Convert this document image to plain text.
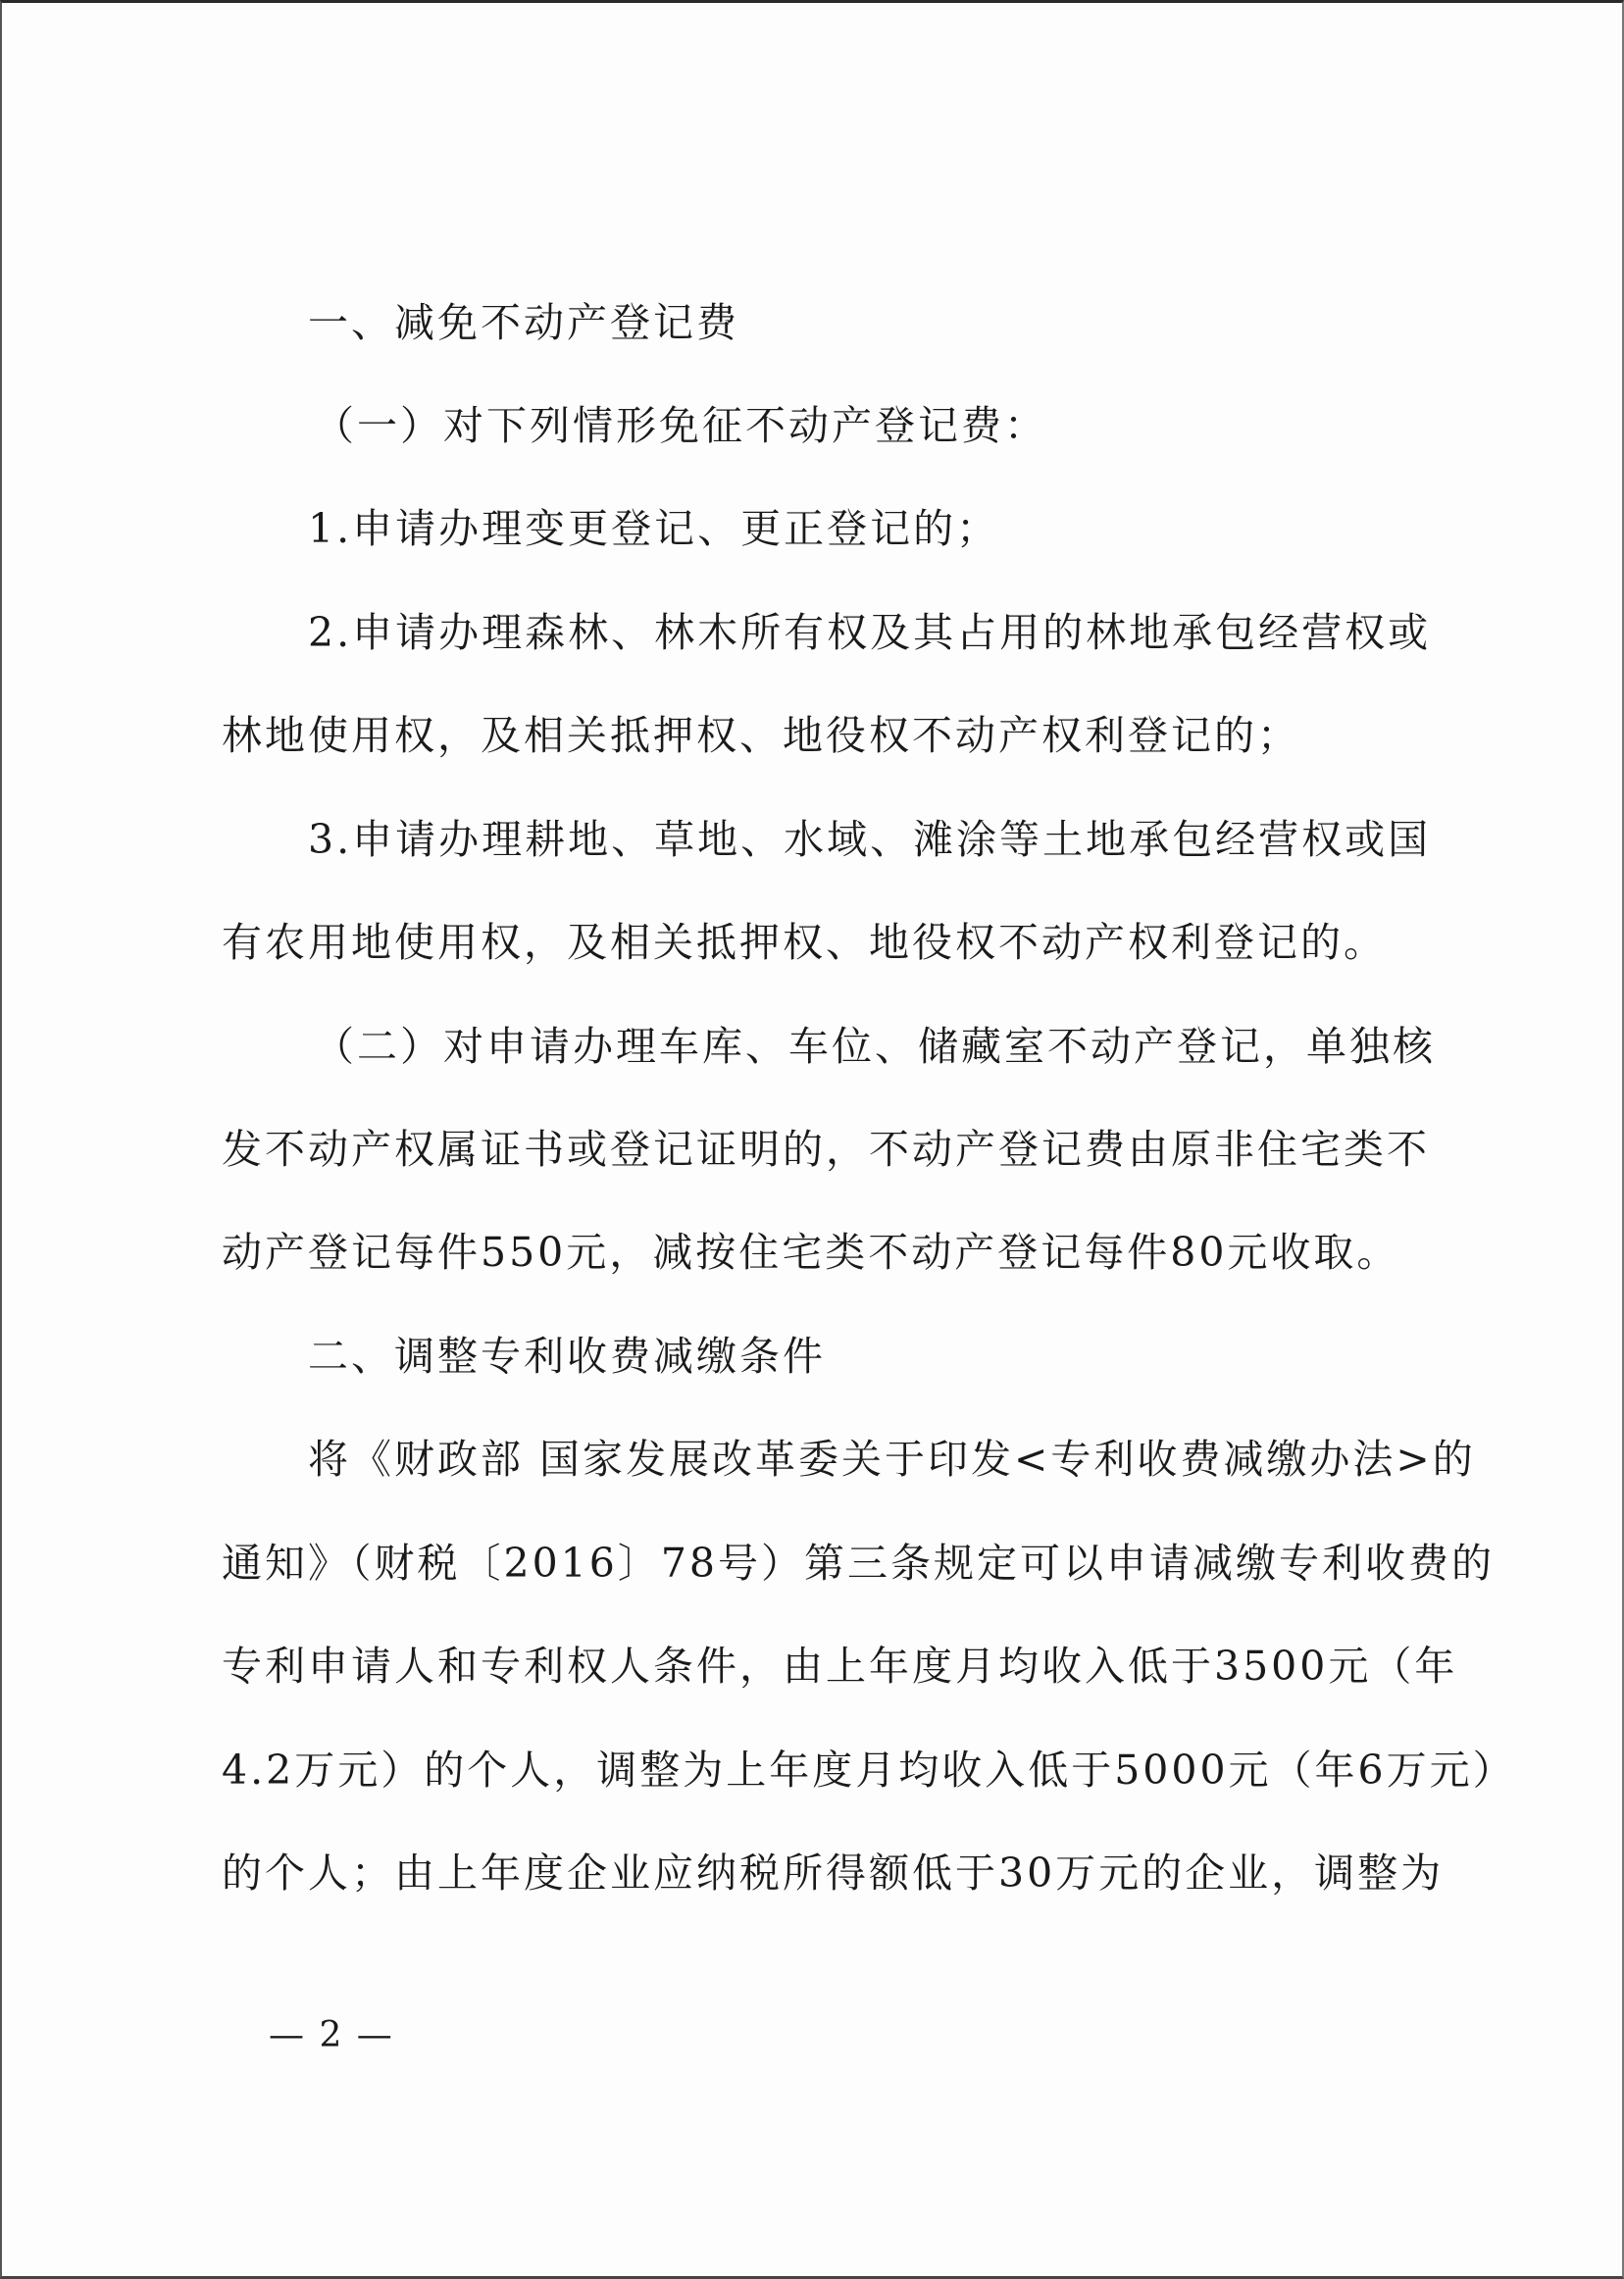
一、减免不动产登记费
（一）对下列情形免征不动产登记费：
1.申请办理变更登记、更正登记的；
2.申请办理森林、林木所有权及其占用的林地承包经营权或
林地使用权，及相关抵押权、地役权不动产权利登记的；
3.申请办理耕地、草地、水域、滩涂等土地承包经营权或国
有农用地使用权，及相关抵押权、地役权不动产权利登记的。
（二）对申请办理车库、车位、储藏室不动产登记，单独核
发不动产权属证书或登记证明的，不动产登记费由原非住宅类不
动产登记每件550元，减按住宅类不动产登记每件80元收取。
二、调整专利收费减缴条件
将《财政部 国家发展改革委关于印发<专利收费减缴办法>的
通知》（财税〔2016〕78号）第三条规定可以申请减缴专利收费的
专利申请人和专利权人条件，由上年度月均收入低于3500元（年
4.2万元）的个人，调整为上年度月均收入低于5000元（年6万元）
的个人；由上年度企业应纳税所得额低于30万元的企业，调整为
— 2 —
